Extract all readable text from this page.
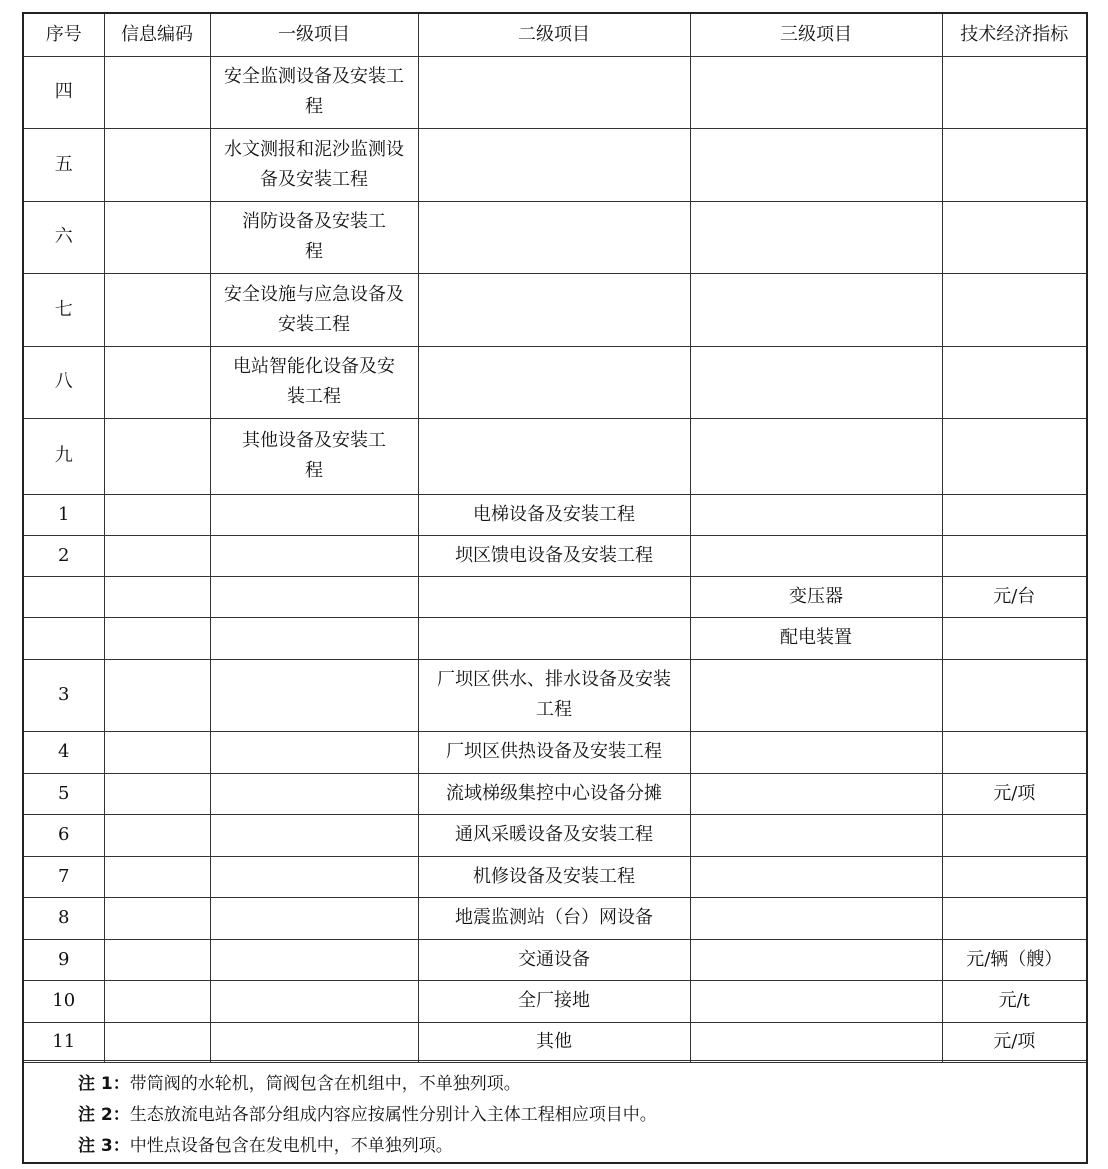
序号	信息编码	一级项目	二级项目	三级项目	技术经济指标
四		安全监测设备及安装工程			
五		水文测报和泥沙监测设备及安装工程			
六		消防设备及安装工程			
七		安全设施与应急设备及安装工程			
八		电站智能化设备及安装工程			
九		其他设备及安装工程			
1			电梯设备及安装工程		
2			坝区馈电设备及安装工程		
				变压器	元/台
				配电装置	
3			厂坝区供水、排水设备及安装工程		
4			厂坝区供热设备及安装工程		
5			流域梯级集控中心设备分摊		元/项
6			通风采暖设备及安装工程		
7			机修设备及安装工程		
8			地震监测站（台）网设备		
9			交通设备		元/辆（艘）
10			全厂接地		元/t
11			其他		元/项
注 1：带筒阀的水轮机，筒阀包含在机组中，不单独列项。
注 2：生态放流电站各部分组成内容应按属性分别计入主体工程相应项目中。
注 3：中性点设备包含在发电机中，不单独列项。
